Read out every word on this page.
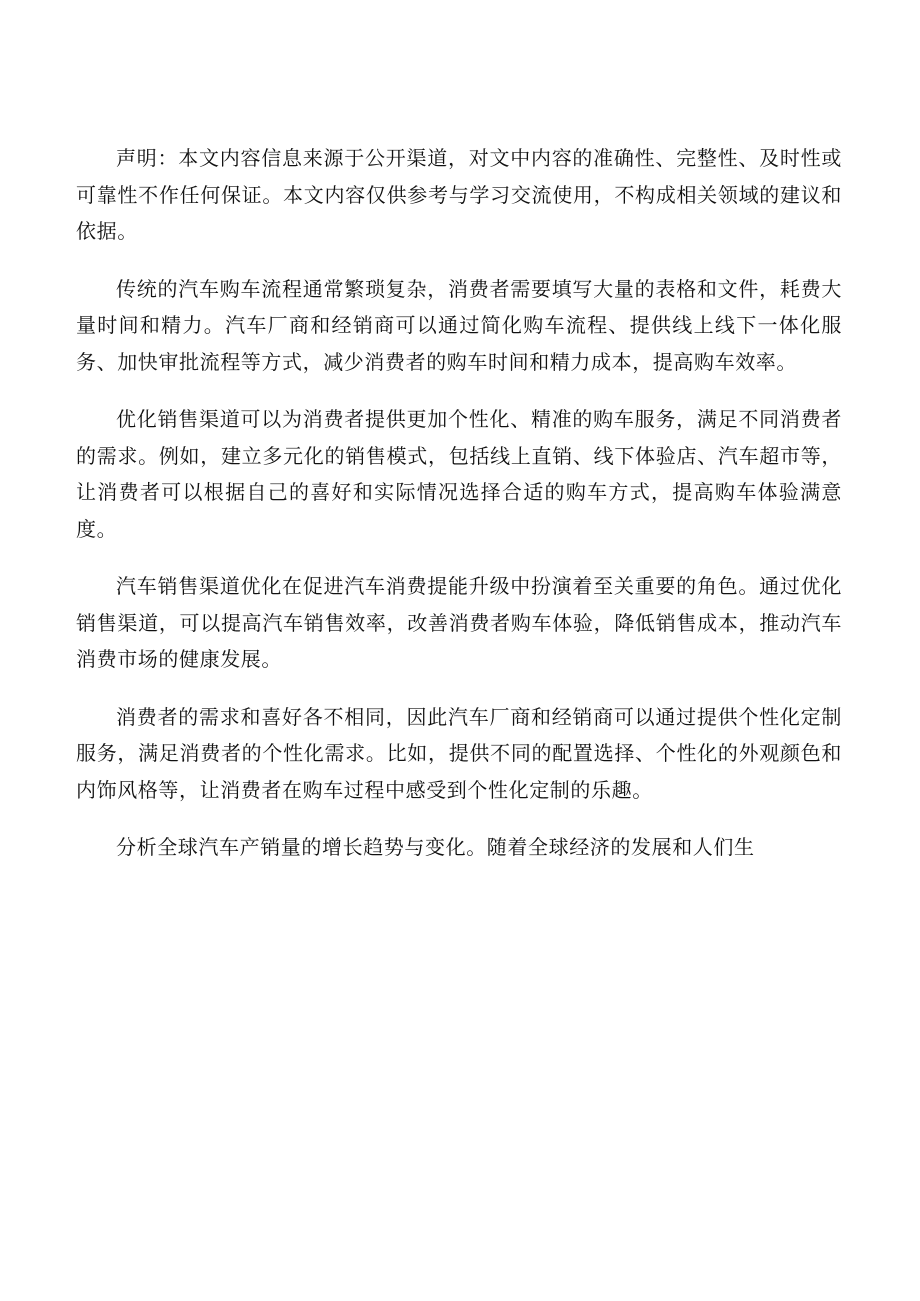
声明：本文内容信息来源于公开渠道，对文中内容的准确性、完整性、及时性或可靠性不作任何保证。本文内容仅供参考与学习交流使用，不构成相关领域的建议和依据。

传统的汽车购车流程通常繁琐复杂，消费者需要填写大量的表格和文件，耗费大量时间和精力。汽车厂商和经销商可以通过简化购车流程、提供线上线下一体化服务、加快审批流程等方式，减少消费者的购车时间和精力成本，提高购车效率。

优化销售渠道可以为消费者提供更加个性化、精准的购车服务，满足不同消费者的需求。例如，建立多元化的销售模式，包括线上直销、线下体验店、汽车超市等，让消费者可以根据自己的喜好和实际情况选择合适的购车方式，提高购车体验满意度。

汽车销售渠道优化在促进汽车消费提能升级中扮演着至关重要的角色。通过优化销售渠道，可以提高汽车销售效率，改善消费者购车体验，降低销售成本，推动汽车消费市场的健康发展。

消费者的需求和喜好各不相同，因此汽车厂商和经销商可以通过提供个性化定制服务，满足消费者的个性化需求。比如，提供不同的配置选择、个性化的外观颜色和内饰风格等，让消费者在购车过程中感受到个性化定制的乐趣。

分析全球汽车产销量的增长趋势与变化。随着全球经济的发展和人们生
